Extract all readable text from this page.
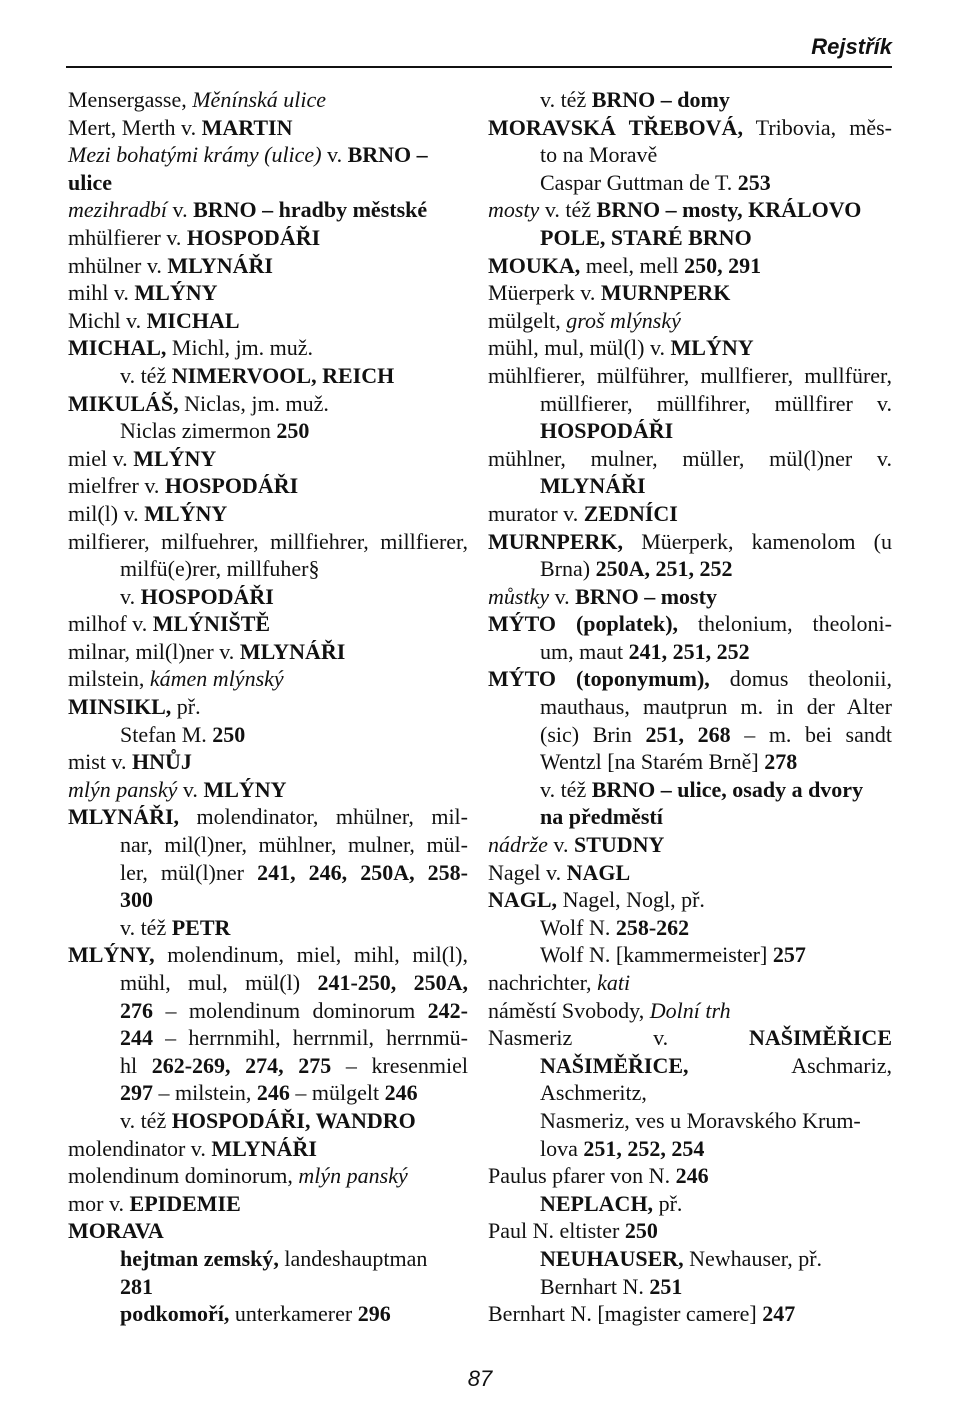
Rejstřík
Mensergasse, Měnínská ulice
Mert, Merth v. MARTIN
Mezi bohatými krámy (ulice) v. BRNO –
ulice
mezihradbí v. BRNO – hradby městské
mhülfierer v. HOSPODÁŘI
mhülner v. MLYNÁŘI
mihl v. MLÝNY
Michl v. MICHAL
MICHAL, Michl, jm. muž.
v. též NIMERVOOL, REICH
MIKULÁŠ, Niclas, jm. muž.
Niclas zimermon 250
miel v. MLÝNY
mielfrer v. HOSPODÁŘI
mil(l) v. MLÝNY
milfierer, milfuehrer, millfiehrer, millfierer,
milfü(e)rer, millfuher§
v. HOSPODÁŘI
milhof v. MLÝNIŠTĚ
milnar, mil(l)ner v. MLYNÁŘI
milstein, kámen mlýnský
MINSIKL, př.
Stefan M. 250
mist v. HNŮJ
mlýn panský v. MLÝNY
MLYNÁŘI, molendinator, mhülner, mil-
nar, mil(l)ner, mühlner, mulner, mül-
ler, mül(l)ner 241, 246, 250A, 258-
300
v. též PETR
MLÝNY, molendinum, miel, mihl, mil(l),
mühl, mul, mül(l) 241-250, 250A,
276 – molendinum dominorum 242-
244 – herrnmihl, herrnmil, herrnmü-
hl 262-269, 274, 275 – kresenmiel
297 – milstein, 246 – mülgelt 246
v. též HOSPODÁŘI, WANDRO
molendinator v. MLYNÁŘI
molendinum dominorum, mlýn panský
mor v. EPIDEMIE
MORAVA
hejtman zemský, landeshauptman
281
podkomoří, unterkamerer 296
v. též BRNO – domy
MORAVSKÁ TŘEBOVÁ, Tribovia, měs-
to na Moravě
Caspar Guttman de T. 253
mosty v. též BRNO – mosty, KRÁLOVO
POLE, STARÉ BRNO
MOUKA, meel, mell 250, 291
Müerperk v. MURNPERK
mülgelt, groš mlýnský
mühl, mul, mül(l) v. MLÝNY
mühlfierer, mülführer, mullfierer, mullfürer,
müllfierer, müllfihrer, müllfirer v.
HOSPODÁŘI
mühlner, mulner, müller, mül(l)ner v.
MLYNÁŘI
murator v. ZEDNÍCI
MURNPERK, Müerperk, kamenolom (u
Brna) 250A, 251, 252
můstky v. BRNO – mosty
MÝTO (poplatek), thelonium, theoloni-
um, maut 241, 251, 252
MÝTO (toponymum), domus theolonii,
mauthaus, mautprun m. in der Alter
(sic) Brin 251, 268 – m. bei sandt
Wentzl [na Starém Brně] 278
v. též BRNO – ulice, osady a dvory
na předměstí
nádrže v. STUDNY
Nagel v. NAGL
NAGL, Nagel, Nogl, př.
Wolf N. 258-262
Wolf N. [kammermeister] 257
nachrichter, kati
náměstí Svobody, Dolní trh
Nasmeriz v. NAŠIMĚŘICE
NAŠIMĚŘICE, Aschmariz, Aschmeritz,
Nasmeriz, ves u Moravského Krum-
lova 251, 252, 254
Paulus pfarer von N. 246
NEPLACH, př.
Paul N. eltister 250
NEUHAUSER, Newhauser, př.
Bernhart N. 251
Bernhart N. [magister camere] 247
87
